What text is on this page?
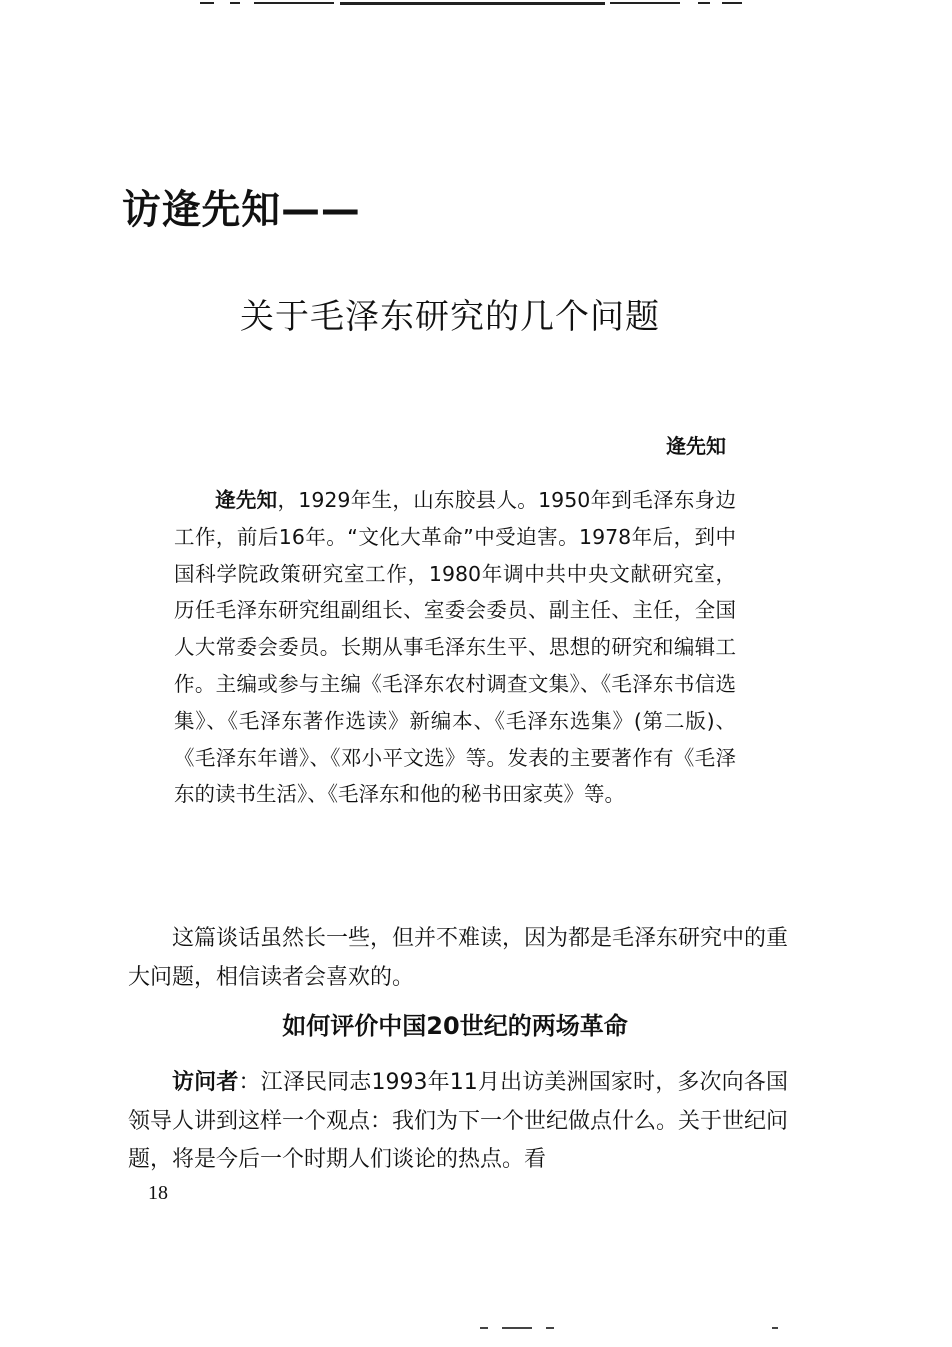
访逄先知——
关于毛泽东研究的几个问题
逄先知

逄先知，1929年生，山东胶县人。1950年到毛泽东身边工作，前后16年。“文化大革命”中受迫害。1978年后，到中国科学院政策研究室工作，1980年调中共中央文献研究室，历任毛泽东研究组副组长、室委会委员、副主任、主任，全国人大常委会委员。长期从事毛泽东生平、思想的研究和编辑工作。主编或参与主编《毛泽东农村调查文集》、《毛泽东书信选集》、《毛泽东著作选读》新编本、《毛泽东选集》(第二版)、《毛泽东年谱》、《邓小平文选》等。发表的主要著作有《毛泽东的读书生活》、《毛泽东和他的秘书田家英》等。

这篇谈话虽然长一些，但并不难读，因为都是毛泽东研究中的重大问题，相信读者会喜欢的。

如何评价中国20世纪的两场革命

访问者：江泽民同志1993年11月出访美洲国家时，多次向各国领导人讲到这样一个观点：我们为下一个世纪做点什么。关于世纪问题，将是今后一个时期人们谈论的热点。看

18
